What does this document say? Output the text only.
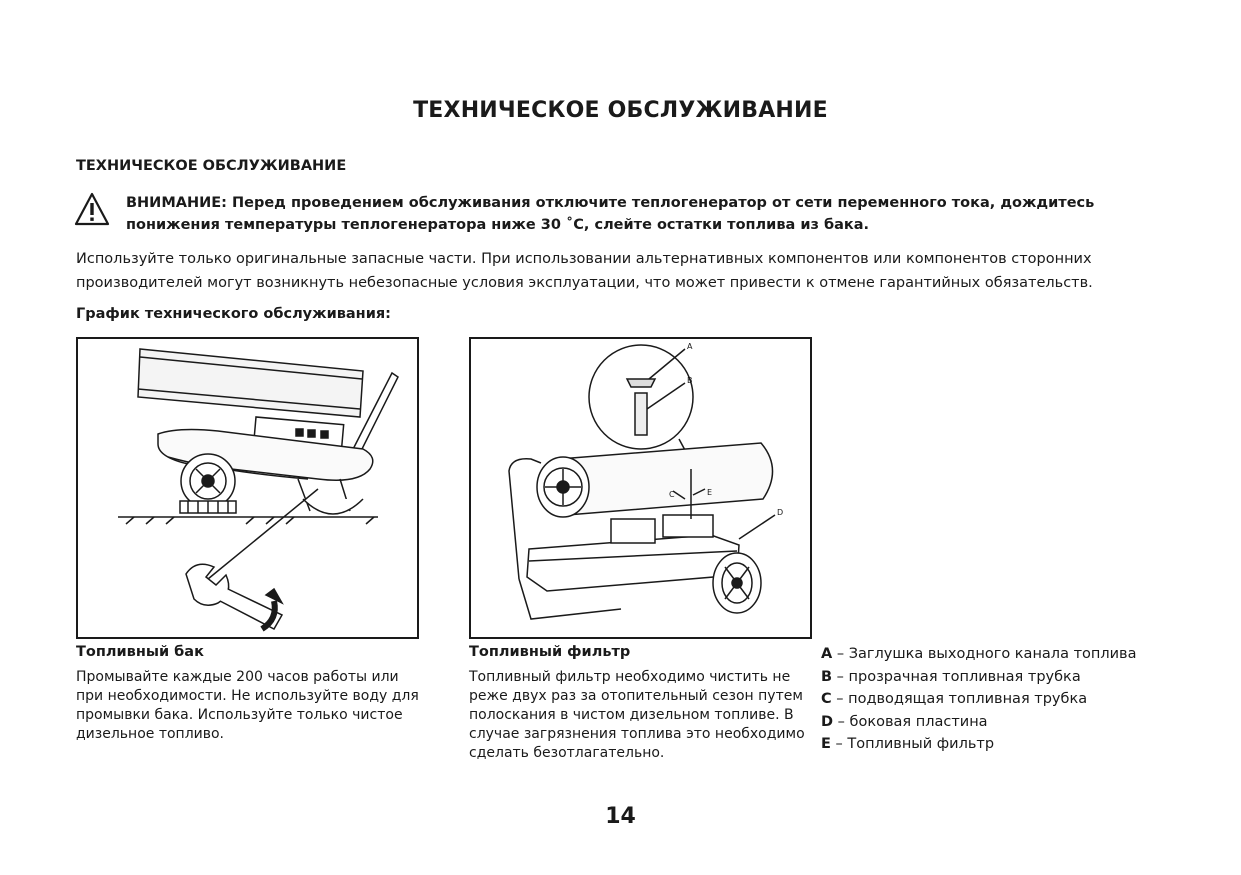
ТЕХНИЧЕСКОЕ ОБСЛУЖИВАНИЕ
ТЕХНИЧЕСКОЕ ОБСЛУЖИВАНИЕ
ВНИМАНИЕ: Перед проведением обслуживания отключите теплогенератор от сети переменного тока, дождитесь понижения температуры теплогенератора ниже 30 ˚С, слейте остатки топлива из бака.
Используйте только оригинальные запасные части. При использовании альтернативных компонентов или компонентов сторонних производителей могут возникнуть небезопасные условия эксплуатации, что может привести к отмене гарантийных обязательств.
График технического обслуживания:
A
B
C	E
D
Топливный бак
Промывайте каждые 200 часов работы или при необходимости. Не используйте воду для промывки бака. Используйте только чистое дизельное топливо.
Топливный фильтр
Топливный фильтр необходимо чистить не реже двух раз за отопительный сезон путем полоскания в чистом дизельном топливе. В случае загрязнения топлива это необходимо сделать безотлагательно.
A – Заглушка выходного канала топлива
B – прозрачная топливная трубка
C – подводящая топливная трубка
D – боковая пластина
E – Топливный фильтр
14
